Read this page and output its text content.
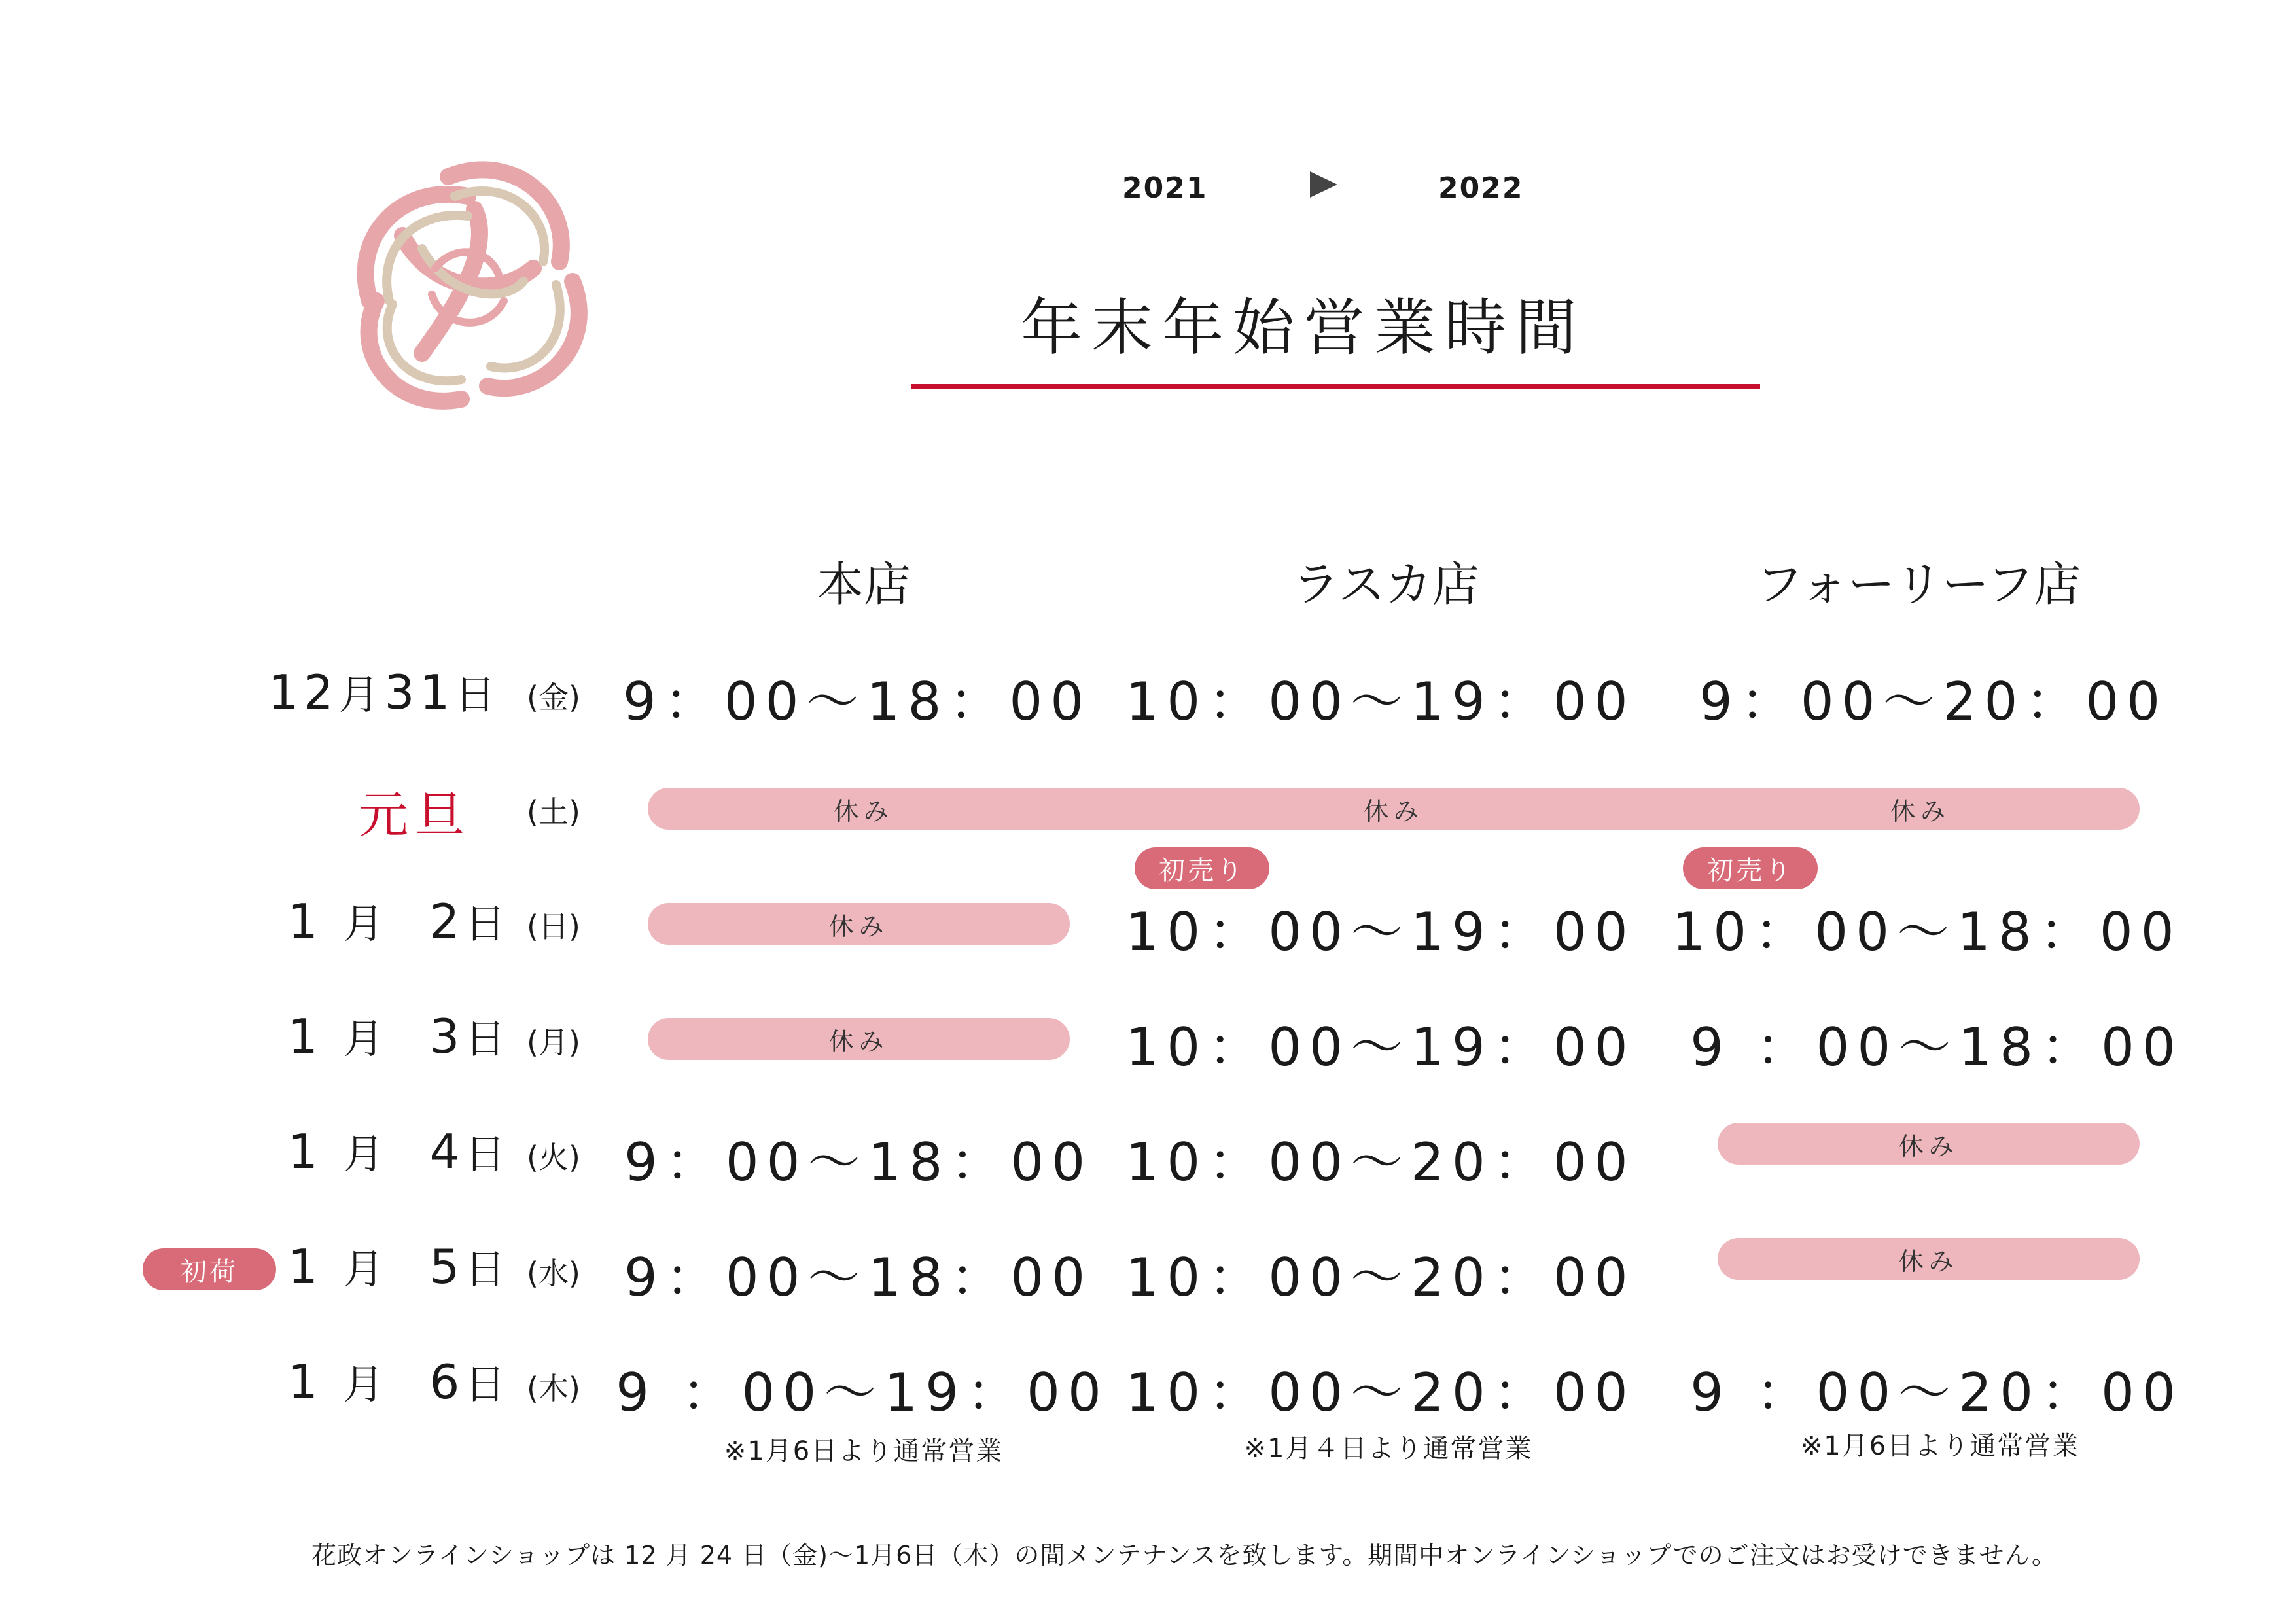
2021	2022
年末年始営業時間
本店	ラスカ店	フォーリーフ店
12月31日 (金) 9：00～18：00 10：00～19：00 9：00～20：00
元旦 (土)	休み	休み	休み
初売り	初売り
1 月 2日 (日)	休み	10：00～19：00 10：00～18：00
1 月 3日 (月)	休み	10：00～19：00 9 ：00～18：00
1 月 4日 (火) 9：00～18：00 10：00～20：00	休み
初荷	1 月 5日 (水) 9：00～18：00 10：00～20：00	休み
1 月 6日 (木) 9 ：00～19：00 10：00～20：00 9 ：00～20：00
※1月6日より通常営業	※1月４日より通常営業	※1月6日より通常営業
花政オンラインショップは 12 月 24 日（金)～1月6日（木）の間メンテナンスを致します。期間中オンラインショップでのご注文はお受けできません。
